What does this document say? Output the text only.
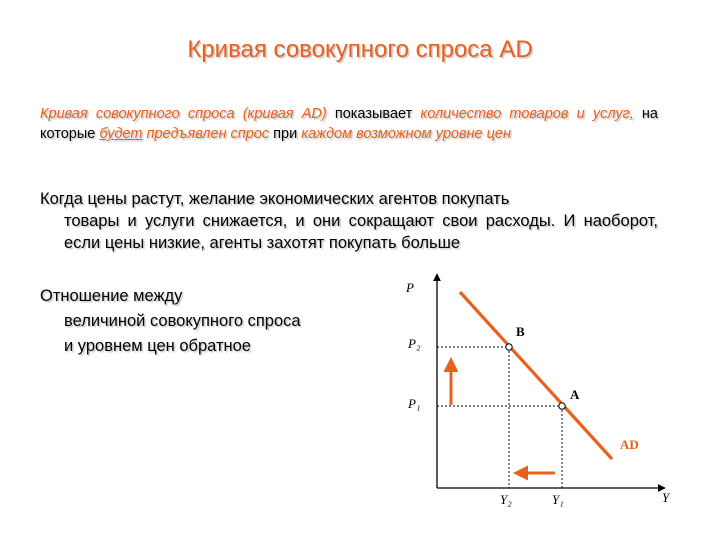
Кривая совокупного спроса AD
Кривая совокупного спроса (кривая AD) показывает количество товаров и услуг, на которые будет предъявлен спрос при каждом возможном уровне цен
Когда цены растут, желание экономических агентов покупать
товары и услуги снижается, и они сокращают свои расходы. И наоборот, если цены низкие, агенты захотят покупать больше
Отношение между
величиной совокупного спроса
и уровнем цен обратное
P
Y
P₂
P₁
Y₂	Y₁
B
A
AD
